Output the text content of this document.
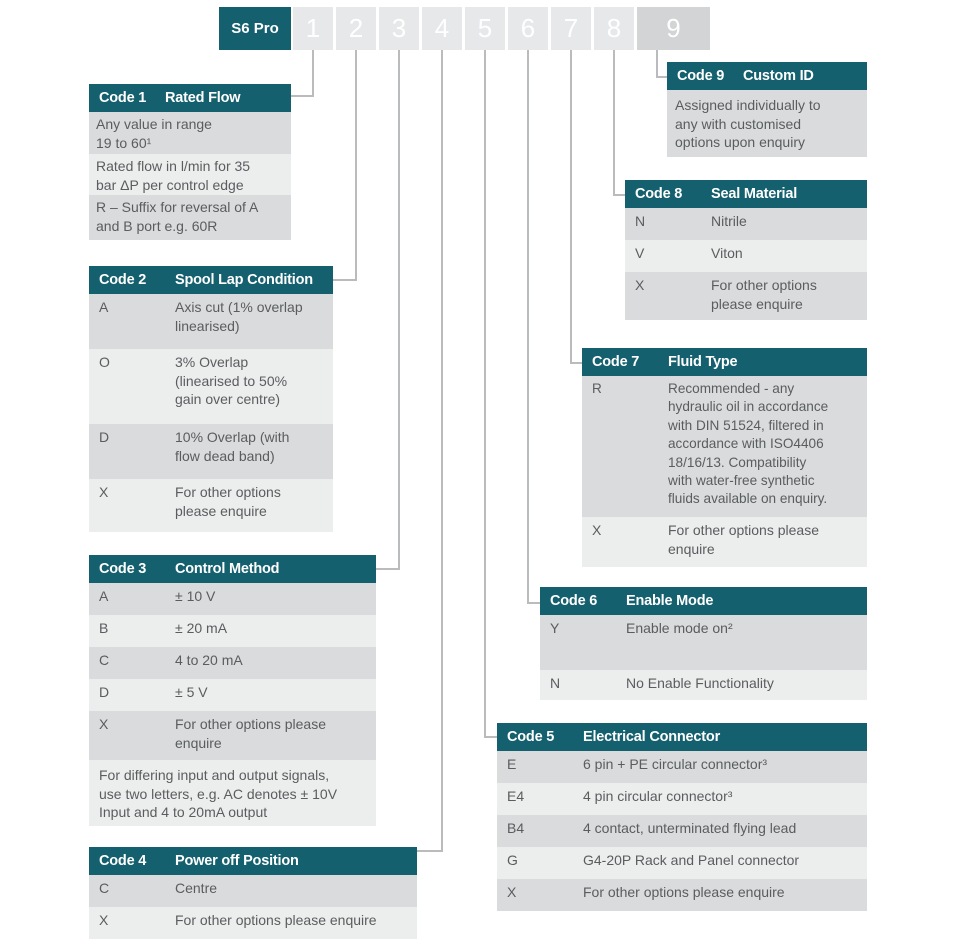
S6 Pro	1	2	3	4	5	6	7	8	9
Code 1	Rated Flow
Any value in range
19 to 60¹
Rated flow in l/min for 35
bar ΔP per control edge
R – Suffix for reversal of A
and B port e.g. 60R
Code 2	Spool Lap Condition
A	Axis cut (1% overlap
linearised)
O	3% Overlap
(linearised to 50%
gain over centre)
D	10% Overlap (with
flow dead band)
X	For other options
please enquire
Code 3	Control Method
A	± 10 V
B	± 20 mA
C	4 to 20 mA
D	± 5 V
X	For other options please
enquire
For differing input and output signals,
use two letters, e.g. AC denotes ± 10V
Input and 4 to 20mA output
Code 4	Power off Position
C	Centre
X	For other options please enquire
Code 5	Electrical Connector
E	6 pin + PE circular connector³
E4	4 pin circular connector³
B4	4 contact, unterminated flying lead
G	G4-20P Rack and Panel connector
X	For other options please enquire
Code 6	Enable Mode
Y	Enable mode on²
N	No Enable Functionality
Code 7	Fluid Type
R	Recommended - any
hydraulic oil in accordance
with DIN 51524, filtered in
accordance with ISO4406
18/16/13. Compatibility
with water-free synthetic
fluids available on enquiry.
X	For other options please
enquire
Code 8	Seal Material
N	Nitrile
V	Viton
X	For other options
please enquire
Code 9	Custom ID
Assigned individually to
any with customised
options upon enquiry
